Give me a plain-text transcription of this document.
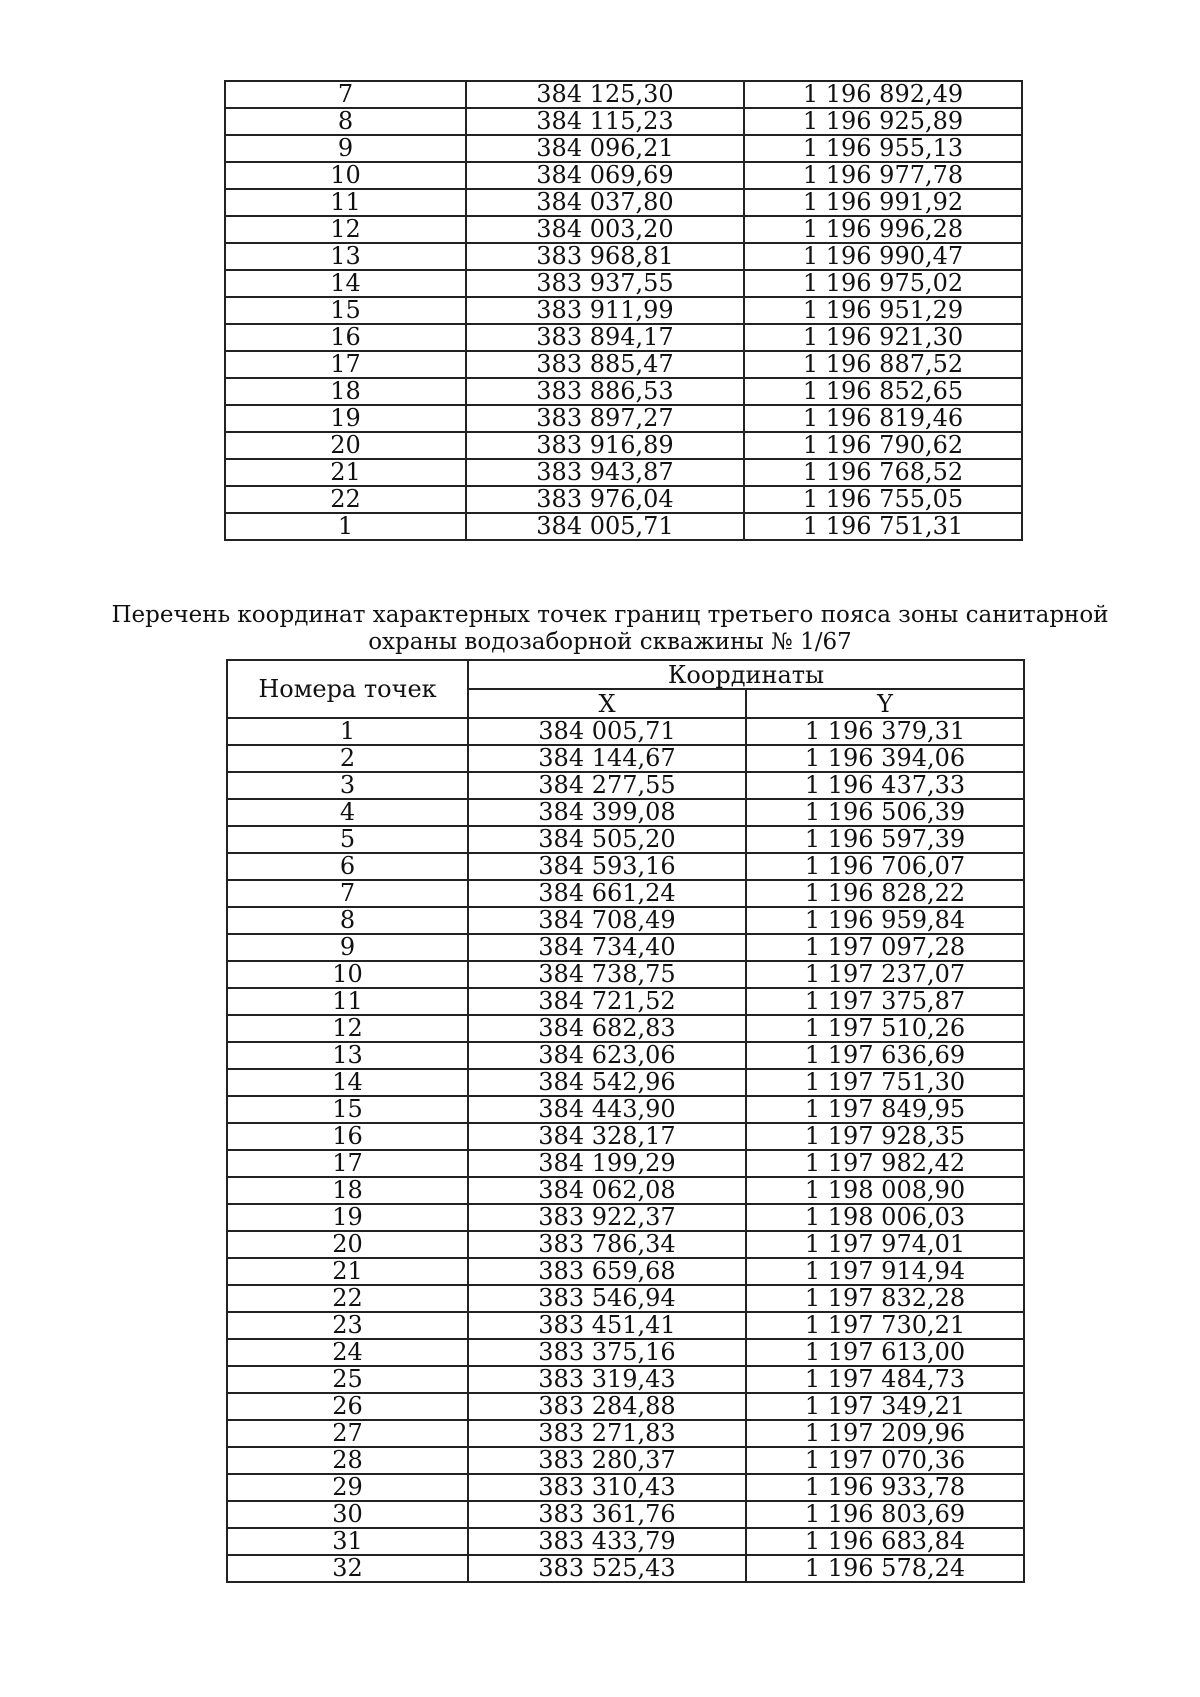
7	384 125,30	1 196 892,49
8	384 115,23	1 196 925,89
9	384 096,21	1 196 955,13
10	384 069,69	1 196 977,78
11	384 037,80	1 196 991,92
12	384 003,20	1 196 996,28
13	383 968,81	1 196 990,47
14	383 937,55	1 196 975,02
15	383 911,99	1 196 951,29
16	383 894,17	1 196 921,30
17	383 885,47	1 196 887,52
18	383 886,53	1 196 852,65
19	383 897,27	1 196 819,46
20	383 916,89	1 196 790,62
21	383 943,87	1 196 768,52
22	383 976,04	1 196 755,05
1	384 005,71	1 196 751,31
Перечень координат характерных точек границ третьего пояса зоны санитарной
охраны водозаборной скважины № 1/67
Номера точек	Координаты	
	X	Y
1	384 005,71	1 196 379,31
2	384 144,67	1 196 394,06
3	384 277,55	1 196 437,33
4	384 399,08	1 196 506,39
5	384 505,20	1 196 597,39
6	384 593,16	1 196 706,07
7	384 661,24	1 196 828,22
8	384 708,49	1 196 959,84
9	384 734,40	1 197 097,28
10	384 738,75	1 197 237,07
11	384 721,52	1 197 375,87
12	384 682,83	1 197 510,26
13	384 623,06	1 197 636,69
14	384 542,96	1 197 751,30
15	384 443,90	1 197 849,95
16	384 328,17	1 197 928,35
17	384 199,29	1 197 982,42
18	384 062,08	1 198 008,90
19	383 922,37	1 198 006,03
20	383 786,34	1 197 974,01
21	383 659,68	1 197 914,94
22	383 546,94	1 197 832,28
23	383 451,41	1 197 730,21
24	383 375,16	1 197 613,00
25	383 319,43	1 197 484,73
26	383 284,88	1 197 349,21
27	383 271,83	1 197 209,96
28	383 280,37	1 197 070,36
29	383 310,43	1 196 933,78
30	383 361,76	1 196 803,69
31	383 433,79	1 196 683,84
32	383 525,43	1 196 578,24
